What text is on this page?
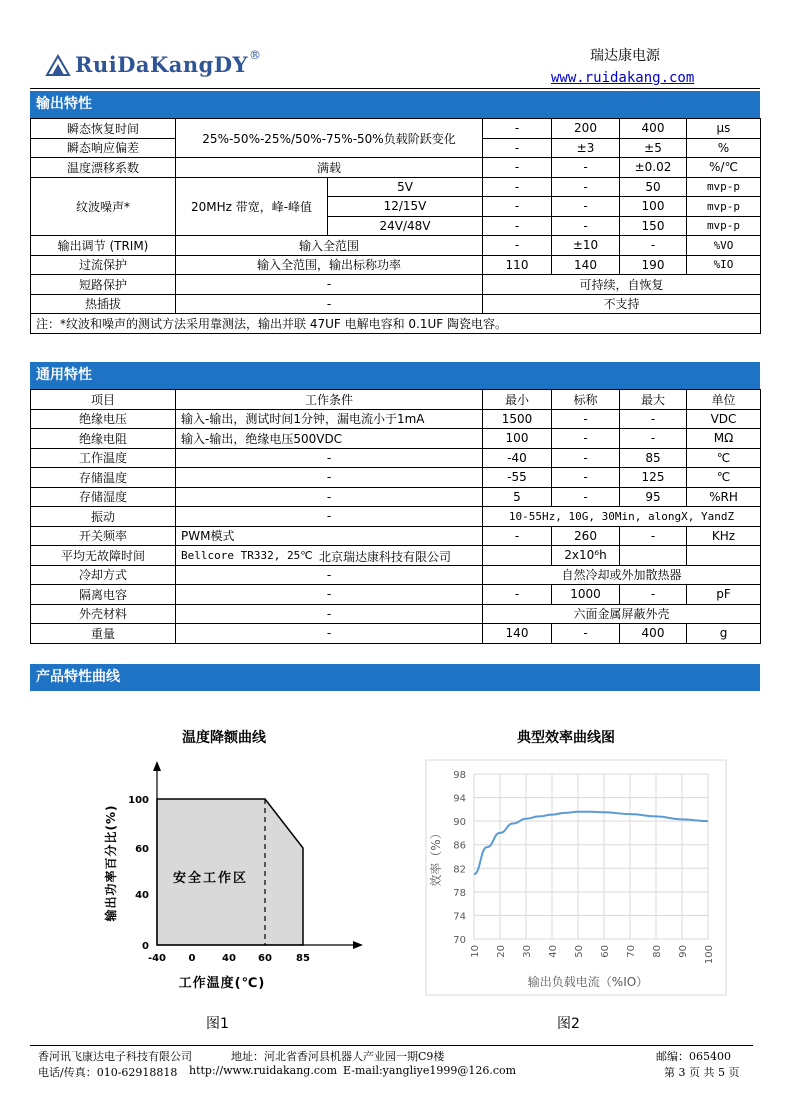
RuiDaKangDY ®	瑞达康电源
www.ruidakang.com
输出特性
瞬态恢复时间	25%-50%-25%/50%-75%-50%负载阶跃变化		-	200	400	μs
瞬态响应偏差			-	±3	±5	%
温度漂移系数	满载		-	-	±0.02	%/℃
纹波噪声*	20MHz 带宽，峰-峰值	5V	-	-	50	mvp-p
		12/15V	-	-	100	mvp-p
		24V/48V	-	-	150	mvp-p
输出调节 (TRIM)	输入全范围		-	±10	-	%VO
过流保护	输入全范围，输出标称功率		110	140	190	%IO
短路保护	-		可持续，自恢复			
热插拔	-		不支持			
注：*纹波和噪声的测试方法采用靠测法，输出并联 47UF 电解电容和 0.1UF 陶瓷电容。						
通用特性
项目	工作条件	最小	标称	最大	单位
绝缘电压	输入-输出，测试时间1分钟，漏电流小于1mA	1500	-	-	VDC
绝缘电阻	输入-输出，绝缘电压500VDC	100	-	-	MΩ
工作温度	-	-40	-	85	℃
存储温度	-	-55	-	125	℃
存储湿度	-	5	-	95	%RH
振动	-	10-55Hz, 10G, 30Min, alongX, YandZ			
开关频率	PWM模式	-	260	-	KHz
平均无故障时间	Bellcore TR332, 25℃ 北京瑞达康科技有限公司		2x10⁶h		
冷却方式	-	自然冷却或外加散热器			
隔离电容	-	-	1000	-	pF
外壳材料	-	六面金属屏蔽外壳			
重量	-	140	-	400	g
产品特性曲线
温度降额曲线	典型效率曲线图
-40 0	40 60 85
0
40
60
100
安全工作区
输出功率百分比(%)
工作温度(℃)
70
74
78
82
86
90
94
98
10 20 30 40 50 60 70 80 90 100
效率（%）
输出负载电流（%IO）
图1	图2
香河讯飞康达电子科技有限公司	地址：河北省香河县机器人产业园一期C9楼	邮编：065400
电话/传真：010-62918818 http://www.ruidakang.com E-mail:yangliye1999@126.com	第 3 页 共 5 页
